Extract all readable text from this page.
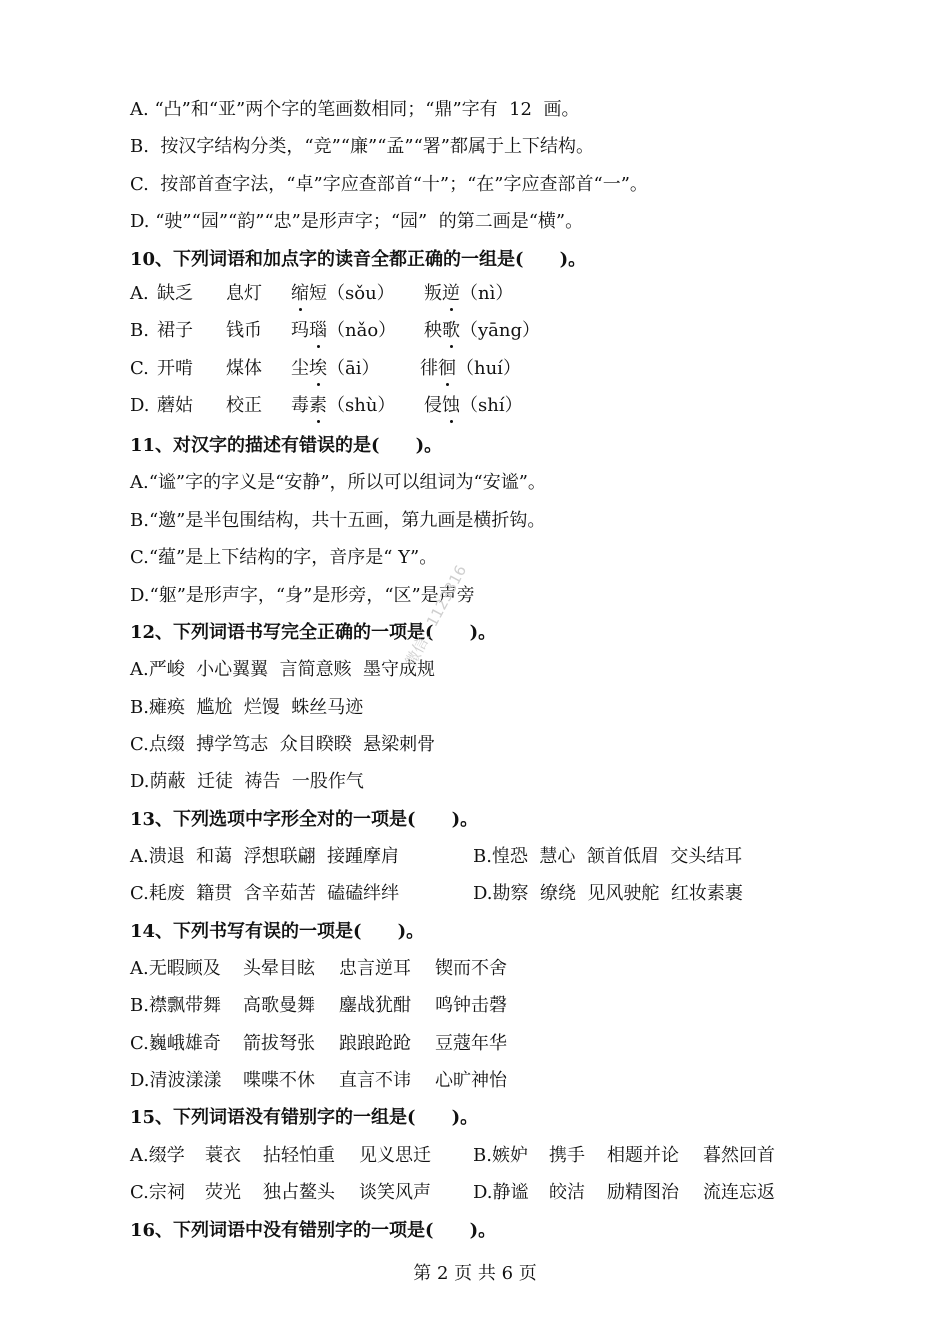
A. “凸”和“亚”两个字的笔画数相同；“鼎”字有  12  画。
B.  按汉字结构分类，“竞”“廉”“孟”“署”都属于上下结构。
C.  按部首查字法，“卓”字应查部首“十”；“在”字应查部首“一”。
D. “驶”“园”“韵”“忠”是形声字；“园”  的第二画是“横”。
10、下列词语和加点字的读音全都正确的一组是(　　)。
A. 缺乏 息灯 缩短（sǒu） 叛逆（nì）
B. 裙子 钱币 玛瑙（nǎo） 秧歌（yāng）
C. 开啃 煤体 尘埃（āi） 徘徊（huí）
D. 蘑姑 校正 毒素（shù） 侵蚀（shí）
11、对汉字的描述有错误的是(　　)。
A.“谧”字的字义是“安静”，所以可以组词为“安谧”。
B.“邀”是半包围结构，共十五画，第九画是横折钩。
C.“蕴”是上下结构的字，音序是“ Y”。
D.“躯”是形声字，“身”是形旁，“区”是声旁
12、下列词语书写完全正确的一项是(　　)。
A.严峻  小心翼翼  言简意赅  墨守成规
B.瘫痪  尴尬  烂馒  蛛丝马迹
C.点缀  搏学笃志  众目睽睽  悬梁刺骨
D.荫蔽  迁徒  祷告  一股作气
13、下列选项中字形全对的一项是(　　)。
A.溃退  和蔼  浮想联翩  接踵摩肩	B.惶恐  慧心  颔首低眉  交头结耳
C.耗废  籍贯  含辛茹苦  磕磕绊绊	D.勘察  缭绕  见风驶舵  红妆素裹
14、下列书写有误的一项是(　　)。
A.无暇顾及 头晕目眩 忠言逆耳 锲而不舍
B.襟飘带舞 高歌曼舞 鏖战犹酣 鸣钟击磬
C.巍峨雄奇 箭拔弩张 踉踉跄跄 豆蔻年华
D.清波漾漾 喋喋不休 直言不讳 心旷神怡
15、下列词语没有错别字的一组是(　　)。
A.缀学 蓑衣 拈轻怕重 见义思迁 B.嫉妒 携手 相题并论 暮然回首
C.宗祠 荧光 独占鳌头 谈笑风声 D.静谧 皎洁 励精图治 流连忘返
16、下列词语中没有错别字的一项是(　　)。
微信：1123316
第 2 页 共 6 页
